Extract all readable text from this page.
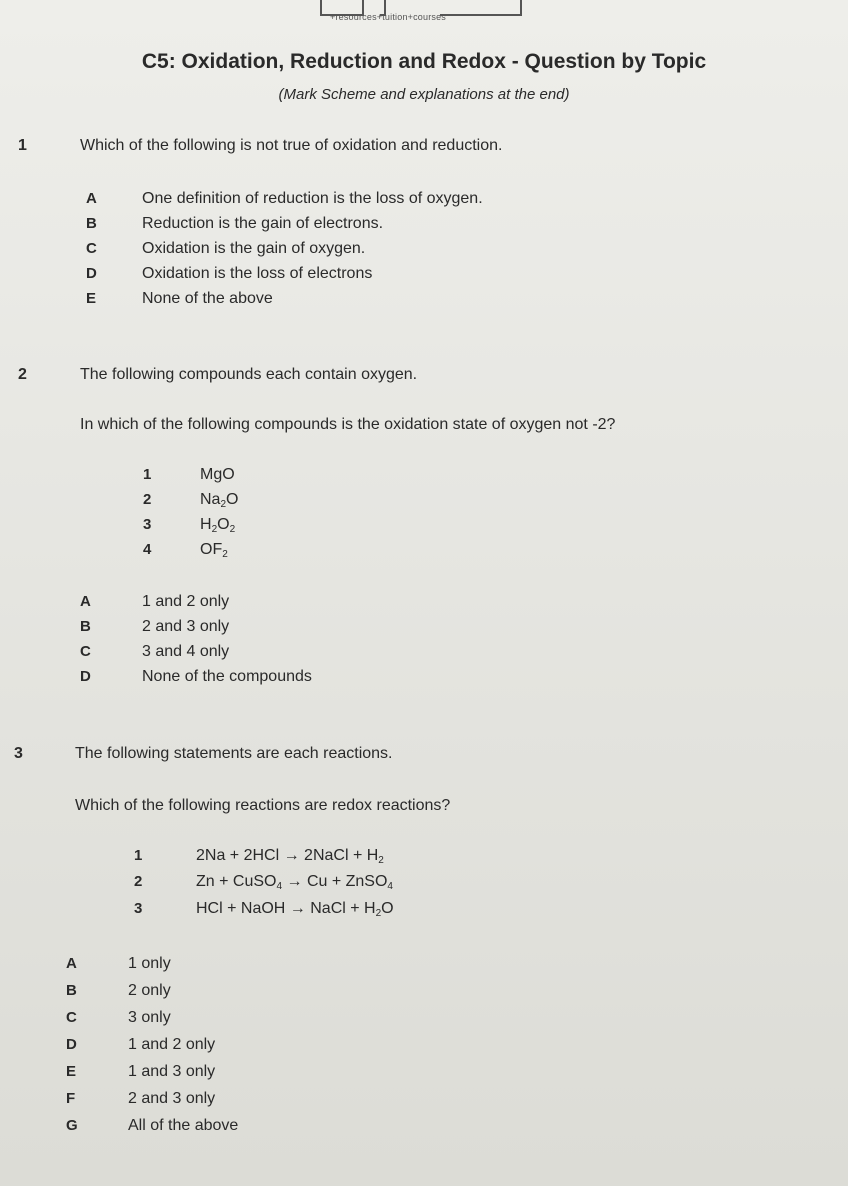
+resources+tuition+courses
C5: Oxidation, Reduction and Redox - Question by Topic
(Mark Scheme and explanations at the end)
1	Which of the following is not true of oxidation and reduction.
A	One definition of reduction is the loss of oxygen.
B	Reduction is the gain of electrons.
C	Oxidation is the gain of oxygen.
D	Oxidation is the loss of electrons
E	None of the above
2	The following compounds each contain oxygen.
In which of the following compounds is the oxidation state of oxygen not -2?
1	MgO
2	$Na_2O$
3	$H_2O_2$
4	$OF_2$
A	1 and 2 only
B	2 and 3 only
C	3 and 4 only
D	None of the compounds
3	The following statements are each reactions.
Which of the following reactions are redox reactions?
1	2Na + 2HCl → 2NaCl + $H_2$
2	Zn + CuSO$_4$ → Cu + ZnSO$_4$
3	HCl + NaOH → NaCl + $H_2O$
A	1 only
B	2 only
C	3 only
D	1 and 2 only
E	1 and 3 only
F	2 and 3 only
G	All of the above
